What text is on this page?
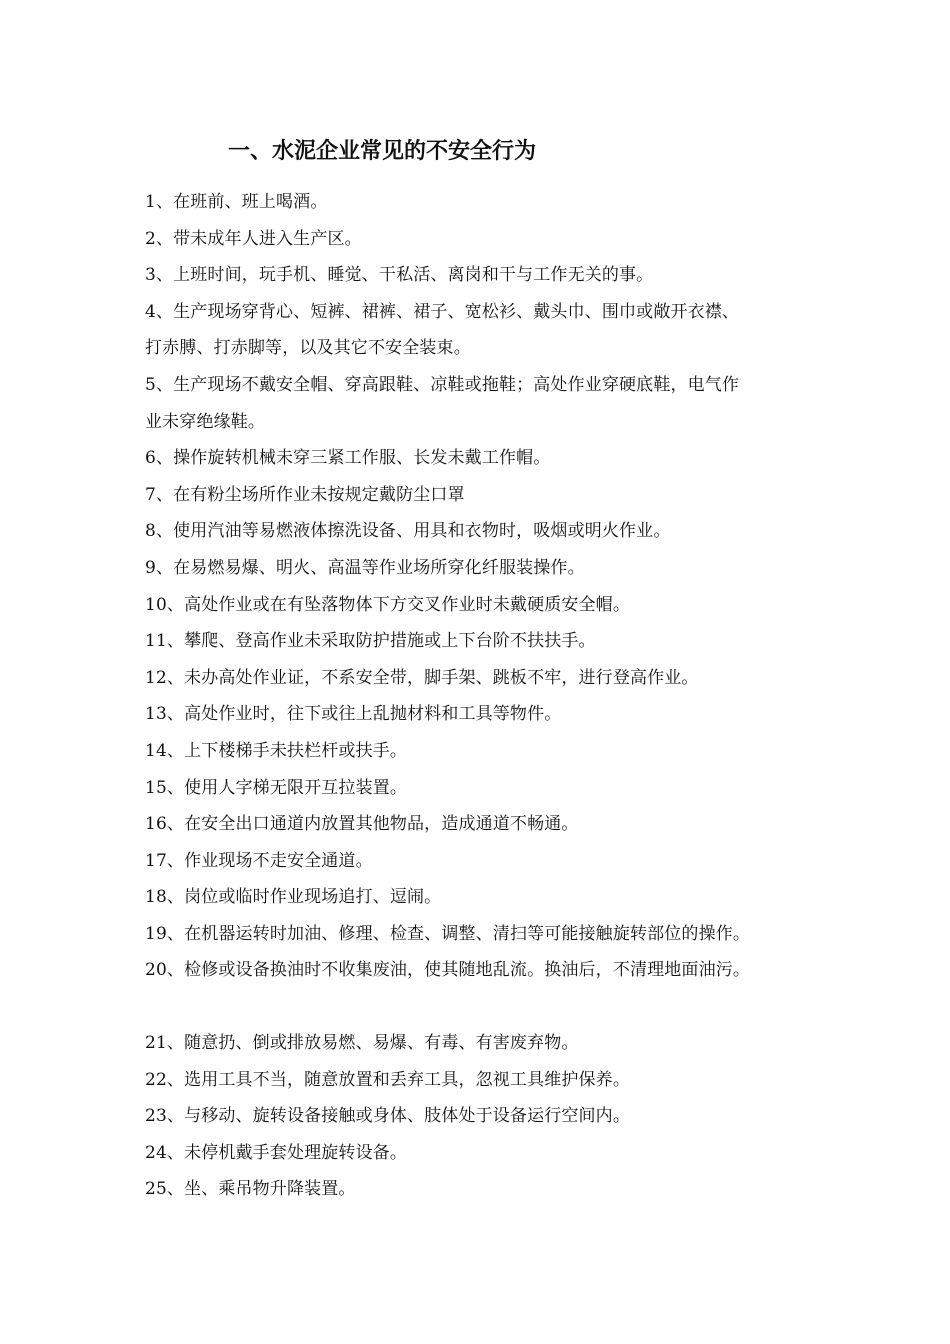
一、水泥企业常见的不安全行为
1、在班前、班上喝酒。
2、带未成年人进入生产区。
3、上班时间，玩手机、睡觉、干私活、离岗和干与工作无关的事。
4、生产现场穿背心、短裤、裙裤、裙子、宽松衫、戴头巾、围巾或敞开衣襟、
打赤膊、打赤脚等，以及其它不安全装束。
5、生产现场不戴安全帽、穿高跟鞋、凉鞋或拖鞋；高处作业穿硬底鞋，电气作
业未穿绝缘鞋。
6、操作旋转机械未穿三紧工作服、长发未戴工作帽。
7、在有粉尘场所作业未按规定戴防尘口罩
8、使用汽油等易燃液体擦洗设备、用具和衣物时，吸烟或明火作业。
9、在易燃易爆、明火、高温等作业场所穿化纤服装操作。
10、高处作业或在有坠落物体下方交叉作业时未戴硬质安全帽。
11、攀爬、登高作业未采取防护措施或上下台阶不扶扶手。
12、未办高处作业证，不系安全带，脚手架、跳板不牢，进行登高作业。
13、高处作业时，往下或往上乱抛材料和工具等物件。
14、上下楼梯手未扶栏杆或扶手。
15、使用人字梯无限开互拉装置。
16、在安全出口通道内放置其他物品，造成通道不畅通。
17、作业现场不走安全通道。
18、岗位或临时作业现场追打、逗闹。
19、在机器运转时加油、修理、检查、调整、清扫等可能接触旋转部位的操作。
20、检修或设备换油时不收集废油，使其随地乱流。换油后，不清理地面油污。
21、随意扔、倒或排放易燃、易爆、有毒、有害废弃物。
22、选用工具不当，随意放置和丢弃工具，忽视工具维护保养。
23、与移动、旋转设备接触或身体、肢体处于设备运行空间内。
24、未停机戴手套处理旋转设备。
25、坐、乘吊物升降装置。
